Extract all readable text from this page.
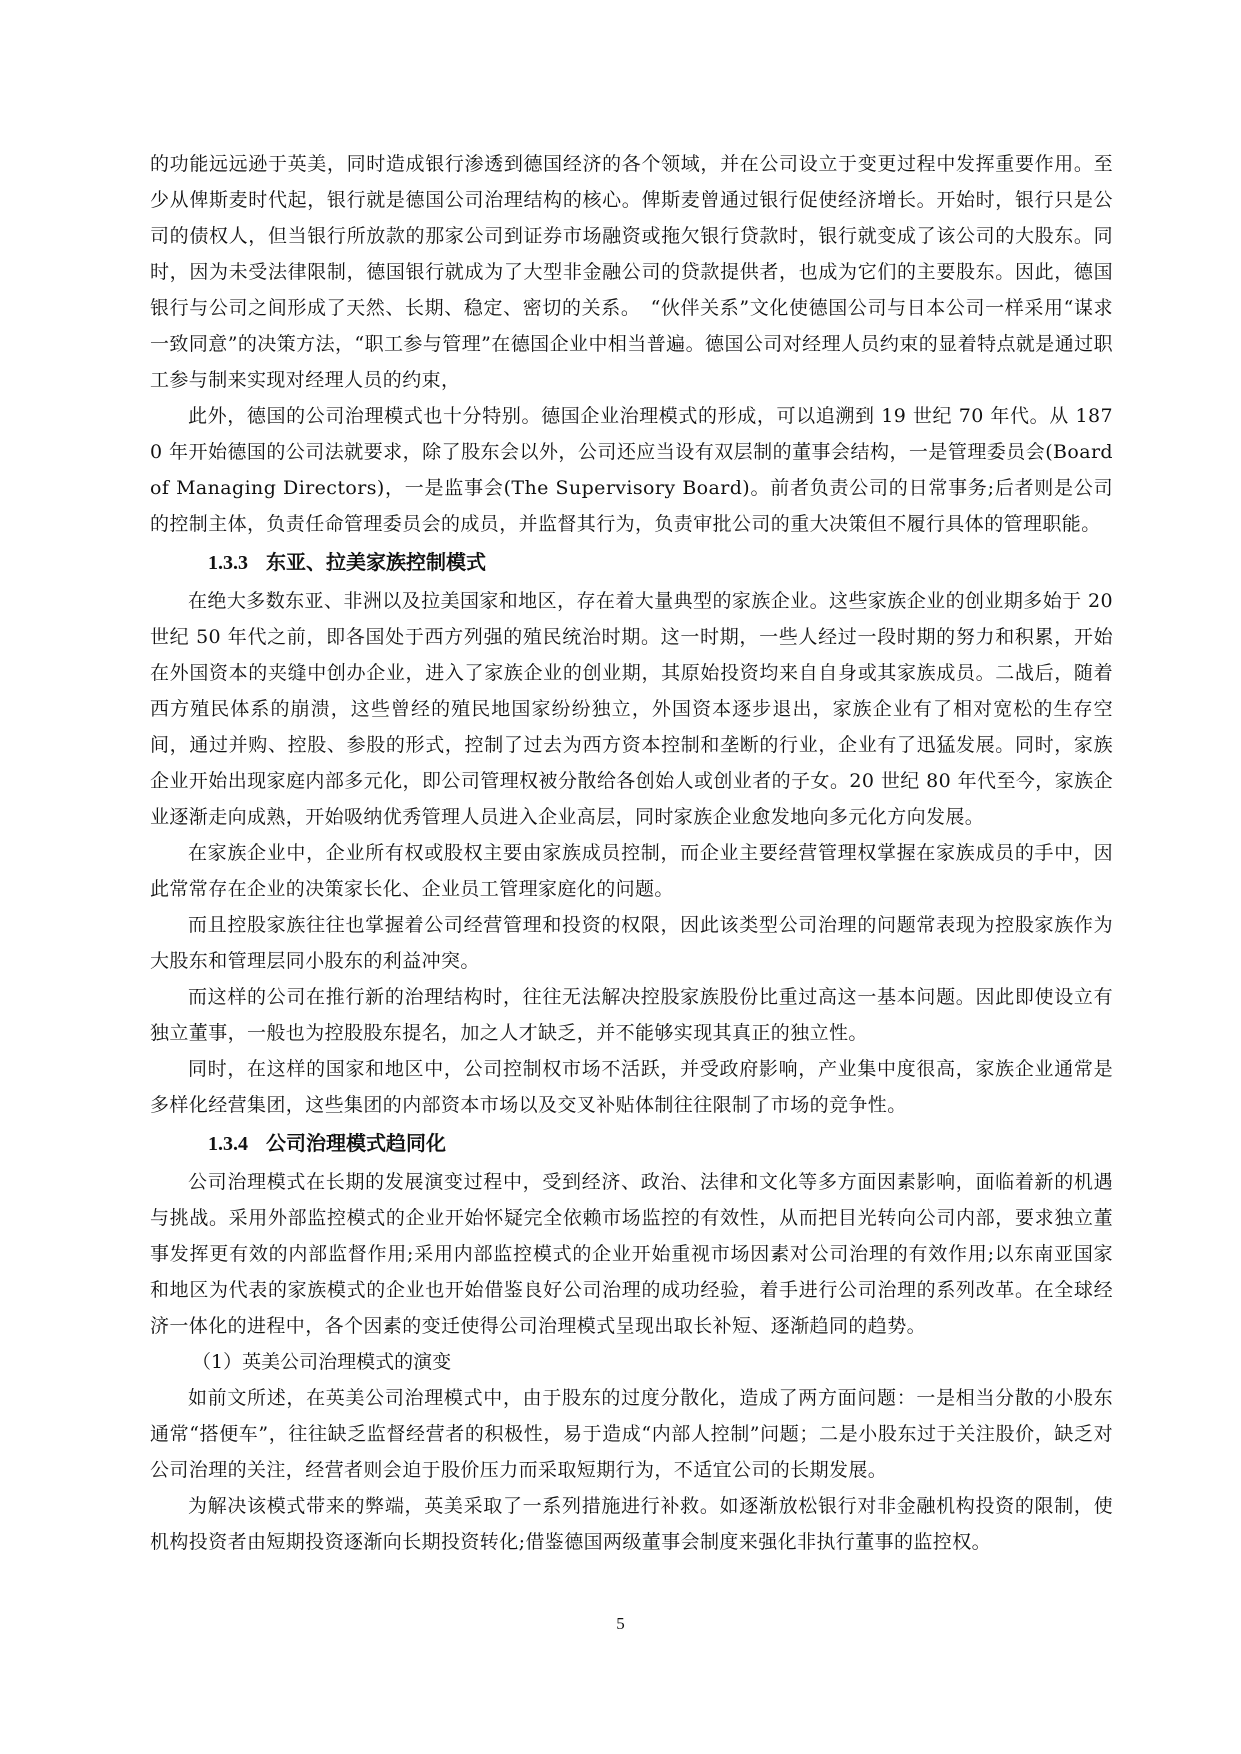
的功能远远逊于英美，同时造成银行渗透到德国经济的各个领域，并在公司设立于变更过程中发挥重要作用。至少从俾斯麦时代起，银行就是德国公司治理结构的核心。俾斯麦曾通过银行促使经济增长。开始时，银行只是公司的债权人，但当银行所放款的那家公司到证券市场融资或拖欠银行贷款时，银行就变成了该公司的大股东。同时，因为未受法律限制，德国银行就成为了大型非金融公司的贷款提供者，也成为它们的主要股东。因此，德国银行与公司之间形成了天然、长期、稳定、密切的关系。　“伙伴关系”文化使德国公司与日本公司一样采用“谋求一致同意”的决策方法，“职工参与管理”在德国企业中相当普遍。德国公司对经理人员约束的显着特点就是通过职工参与制来实现对经理人员的约束，

此外，德国的公司治理模式也十分特别。德国企业治理模式的形成，可以追溯到 19 世纪 70 年代。从 1870 年开始德国的公司法就要求，除了股东会以外，公司还应当设有双层制的董事会结构，一是管理委员会(Board of Managing Directors)，一是监事会(The Supervisory Board)。前者负责公司的日常事务;后者则是公司的控制主体，负责任命管理委员会的成员，并监督其行为，负责审批公司的重大决策但不履行具体的管理职能。

1.3.3 东亚、拉美家族控制模式

在绝大多数东亚、非洲以及拉美国家和地区，存在着大量典型的家族企业。这些家族企业的创业期多始于 20 世纪 50 年代之前，即各国处于西方列强的殖民统治时期。这一时期，一些人经过一段时期的努力和积累，开始在外国资本的夹缝中创办企业，进入了家族企业的创业期，其原始投资均来自自身或其家族成员。二战后，随着西方殖民体系的崩溃，这些曾经的殖民地国家纷纷独立，外国资本逐步退出，家族企业有了相对宽松的生存空间，通过并购、控股、参股的形式，控制了过去为西方资本控制和垄断的行业，企业有了迅猛发展。同时，家族企业开始出现家庭内部多元化，即公司管理权被分散给各创始人或创业者的子女。20 世纪 80 年代至今，家族企业逐渐走向成熟，开始吸纳优秀管理人员进入企业高层，同时家族企业愈发地向多元化方向发展。

在家族企业中，企业所有权或股权主要由家族成员控制，而企业主要经营管理权掌握在家族成员的手中，因此常常存在企业的决策家长化、企业员工管理家庭化的问题。

而且控股家族往往也掌握着公司经营管理和投资的权限，因此该类型公司治理的问题常表现为控股家族作为大股东和管理层同小股东的利益冲突。

而这样的公司在推行新的治理结构时，往往无法解决控股家族股份比重过高这一基本问题。因此即使设立有独立董事，一般也为控股股东提名，加之人才缺乏，并不能够实现其真正的独立性。

同时，在这样的国家和地区中，公司控制权市场不活跃，并受政府影响，产业集中度很高，家族企业通常是多样化经营集团，这些集团的内部资本市场以及交叉补贴体制往往限制了市场的竞争性。

1.3.4 公司治理模式趋同化

公司治理模式在长期的发展演变过程中，受到经济、政治、法律和文化等多方面因素影响，面临着新的机遇与挑战。采用外部监控模式的企业开始怀疑完全依赖市场监控的有效性，从而把目光转向公司内部，要求独立董事发挥更有效的内部监督作用;采用内部监控模式的企业开始重视市场因素对公司治理的有效作用;以东南亚国家和地区为代表的家族模式的企业也开始借鉴良好公司治理的成功经验，着手进行公司治理的系列改革。在全球经济一体化的进程中，各个因素的变迁使得公司治理模式呈现出取长补短、逐渐趋同的趋势。

（1）英美公司治理模式的演变

如前文所述，在英美公司治理模式中，由于股东的过度分散化，造成了两方面问题：一是相当分散的小股东通常“搭便车”，往往缺乏监督经营者的积极性，易于造成“内部人控制”问题；二是小股东过于关注股价，缺乏对公司治理的关注，经营者则会迫于股价压力而采取短期行为，不适宜公司的长期发展。

为解决该模式带来的弊端，英美采取了一系列措施进行补救。如逐渐放松银行对非金融机构投资的限制，使机构投资者由短期投资逐渐向长期投资转化;借鉴德国两级董事会制度来强化非执行董事的监控权。

5
